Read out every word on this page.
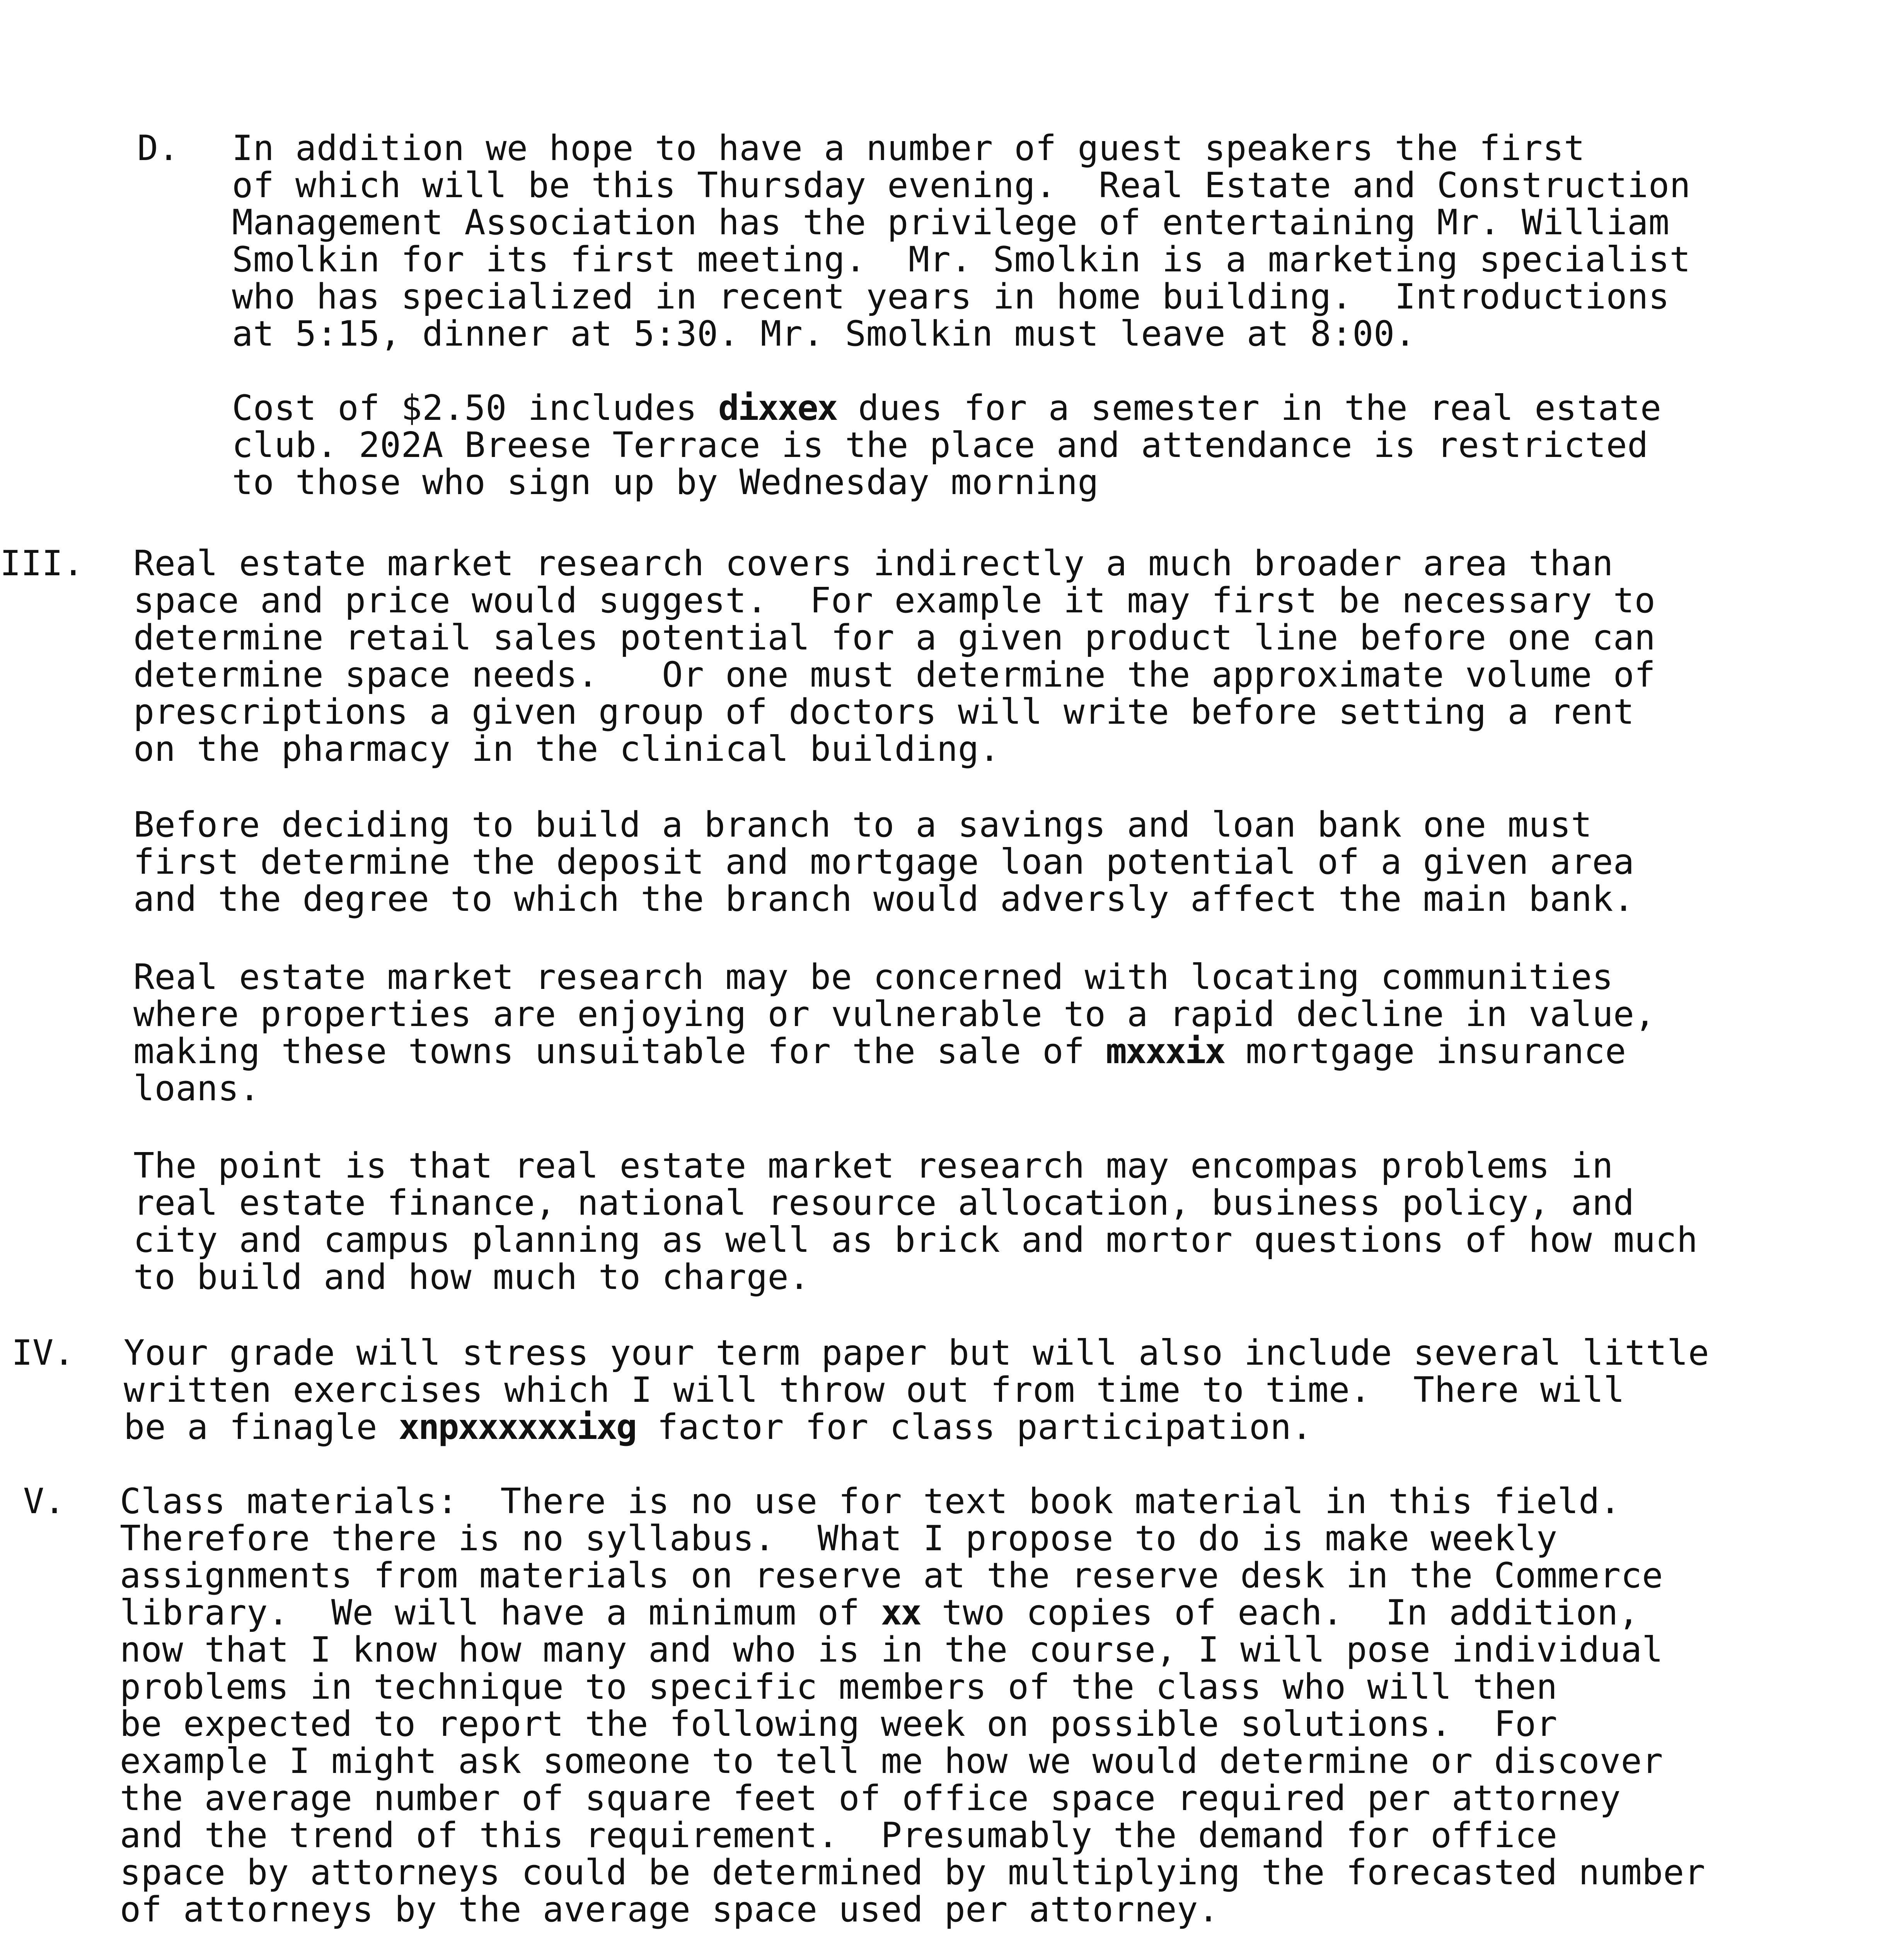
D. In addition we hope to have a number of guest speakers the first
of which will be this Thursday evening.  Real Estate and Construction
Management Association has the privilege of entertaining Mr. William
Smolkin for its first meeting.  Mr. Smolkin is a marketing specialist
who has specialized in recent years in home building.  Introductions
at 5:15, dinner at 5:30. Mr. Smolkin must leave at 8:00.
Cost of $2.50 includes dixxex dues for a semester in the real estate
club. 202A Breese Terrace is the place and attendance is restricted
to those who sign up by Wednesday morning
III. Real estate market research covers indirectly a much broader area than
space and price would suggest.  For example it may first be necessary to
determine retail sales potential for a given product line before one can
determine space needs.   Or one must determine the approximate volume of
prescriptions a given group of doctors will write before setting a rent
on the pharmacy in the clinical building.
Before deciding to build a branch to a savings and loan bank one must
first determine the deposit and mortgage loan potential of a given area
and the degree to which the branch would adversly affect the main bank.
Real estate market research may be concerned with locating communities
where properties are enjoying or vulnerable to a rapid decline in value,
making these towns unsuitable for the sale of mxxxix mortgage insurance
loans.
The point is that real estate market research may encompas problems in
real estate finance, national resource allocation, business policy, and
city and campus planning as well as brick and mortor questions of how much
to build and how much to charge.
IV. Your grade will stress your term paper but will also include several little
written exercises which I will throw out from time to time.  There will
be a finagle xnpxxxxxxixg factor for class participation.
V. Class materials:  There is no use for text book material in this field.
Therefore there is no syllabus.  What I propose to do is make weekly
assignments from materials on reserve at the reserve desk in the Commerce
library.  We will have a minimum of xx two copies of each.  In addition,
now that I know how many and who is in the course, I will pose individual
problems in technique to specific members of the class who will then
be expected to report the following week on possible solutions.  For
example I might ask someone to tell me how we would determine or discover
the average number of square feet of office space required per attorney
and the trend of this requirement.  Presumably the demand for office
space by attorneys could be determined by multiplying the forecasted number
of attorneys by the average space used per attorney.
